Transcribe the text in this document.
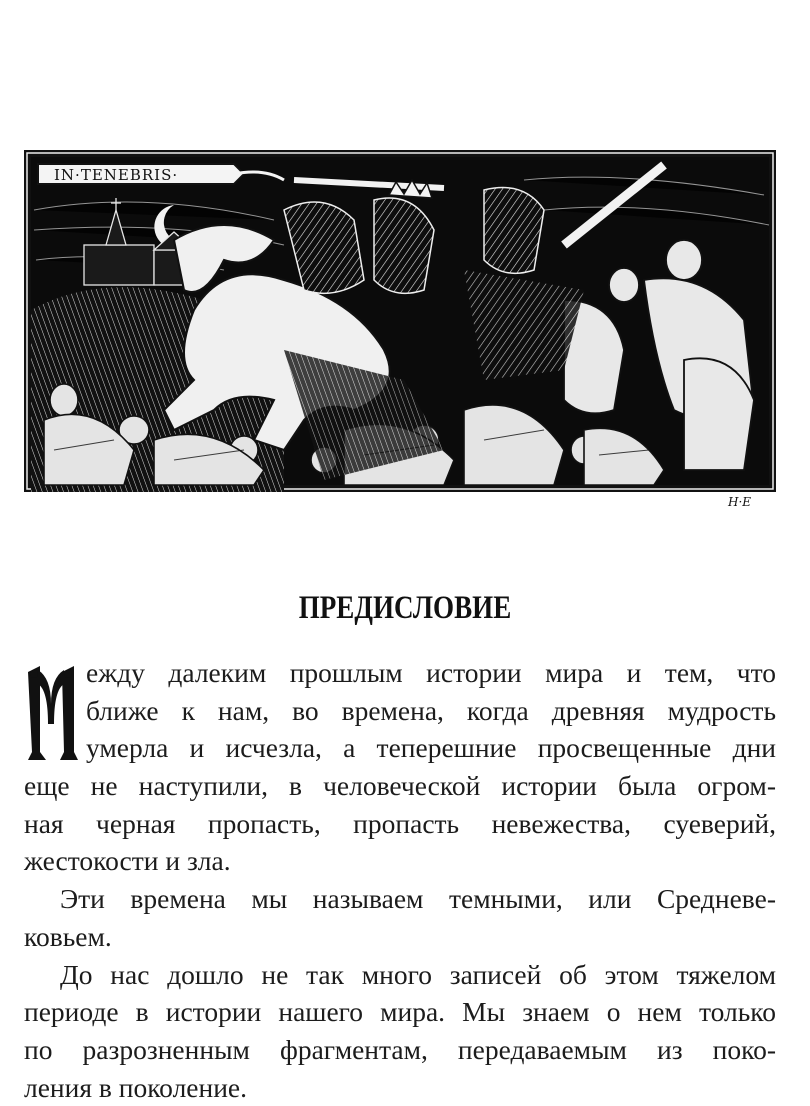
IN·TENEBRIS·
H·E
ПРЕДИСЛОВИЕ
ежду далеким прошлым истории мира и тем, что
ближе к нам, во времена, когда древняя мудрость
умерла и исчезла, а теперешние просвещенные дни
еще не наступили, в человеческой истории была огром-
ная черная пропасть, пропасть невежества, суеверий,
жестокости и зла.
Эти времена мы называем темными, или Средневе-
ковьем.
До нас дошло не так много записей об этом тяжелом
периоде в истории нашего мира. Мы знаем о нем только
по разрозненным фрагментам, передаваемым из поко-
ления в поколение.
